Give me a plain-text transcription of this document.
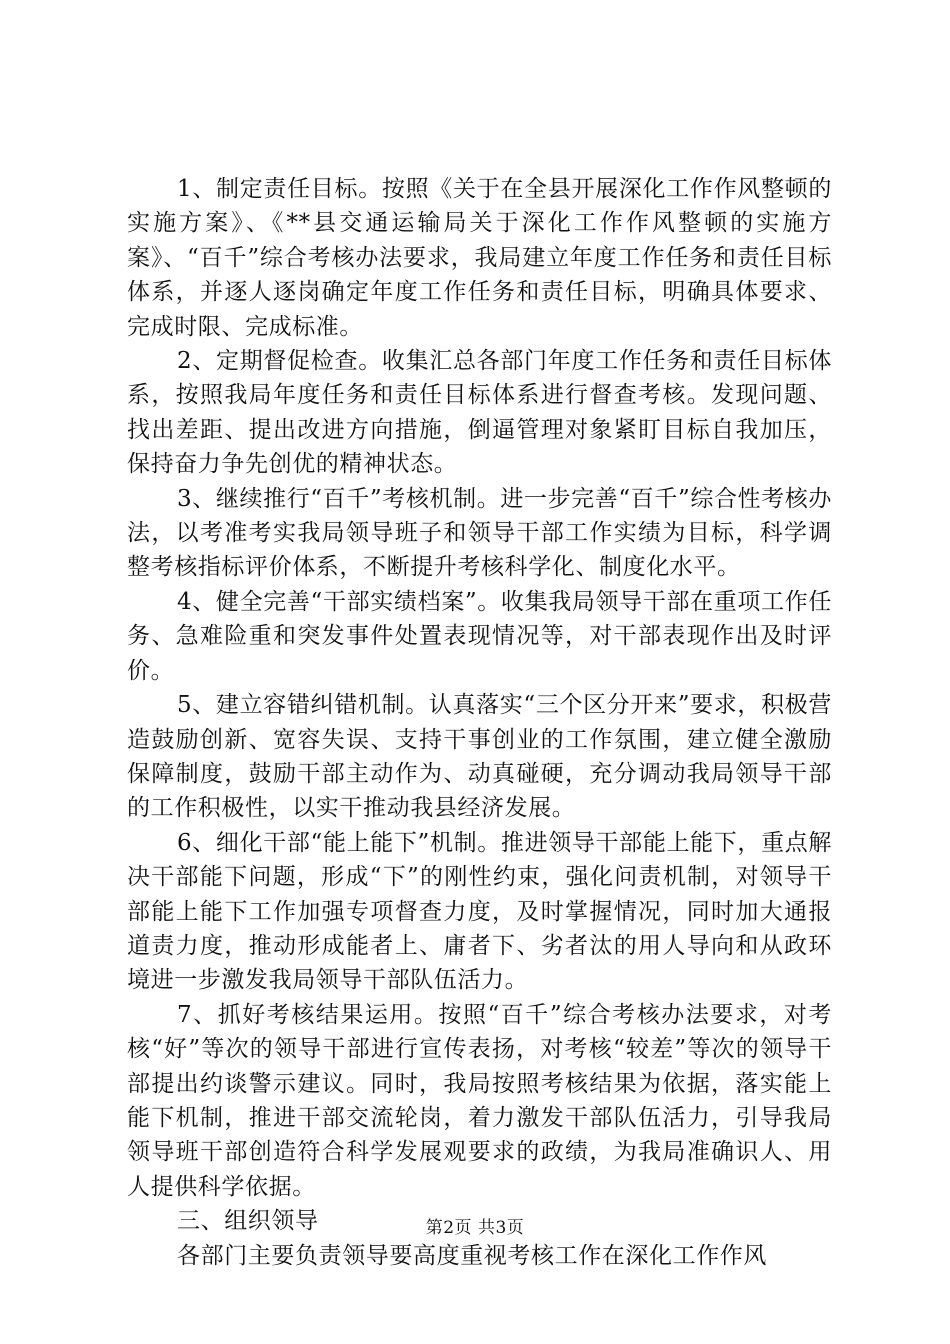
1、制定责任目标。按照《关于在全县开展深化工作作风整顿的实施方案》、《**县交通运输局关于深化工作作风整顿的实施方案》、“百千”综合考核办法要求，我局建立年度工作任务和责任目标体系，并逐人逐岗确定年度工作任务和责任目标，明确具体要求、完成时限、完成标准。

2、定期督促检查。收集汇总各部门年度工作任务和责任目标体系，按照我局年度任务和责任目标体系进行督查考核。发现问题、找出差距、提出改进方向措施，倒逼管理对象紧盯目标自我加压，保持奋力争先创优的精神状态。

3、继续推行“百千”考核机制。进一步完善“百千”综合性考核办法，以考准考实我局领导班子和领导干部工作实绩为目标，科学调整考核指标评价体系，不断提升考核科学化、制度化水平。

4、健全完善“干部实绩档案”。收集我局领导干部在重项工作任务、急难险重和突发事件处置表现情况等，对干部表现作出及时评价。

5、建立容错纠错机制。认真落实“三个区分开来”要求，积极营造鼓励创新、宽容失误、支持干事创业的工作氛围，建立健全激励保障制度，鼓励干部主动作为、动真碰硬，充分调动我局领导干部的工作积极性，以实干推动我县经济发展。

6、细化干部“能上能下”机制。推进领导干部能上能下，重点解决干部能下问题，形成“下”的刚性约束，强化问责机制，对领导干部能上能下工作加强专项督查力度，及时掌握情况，同时加大通报道责力度，推动形成能者上、庸者下、劣者汰的用人导向和从政环境进一步激发我局领导干部队伍活力。

7、抓好考核结果运用。按照“百千”综合考核办法要求，对考核“好”等次的领导干部进行宣传表扬，对考核“较差”等次的领导干部提出约谈警示建议。同时，我局按照考核结果为依据，落实能上能下机制，推进干部交流轮岗，着力激发干部队伍活力，引导我局领导班干部创造符合科学发展观要求的政绩，为我局准确识人、用人提供科学依据。

三、组织领导

各部门主要负责领导要高度重视考核工作在深化工作作风

第2页 共3页
